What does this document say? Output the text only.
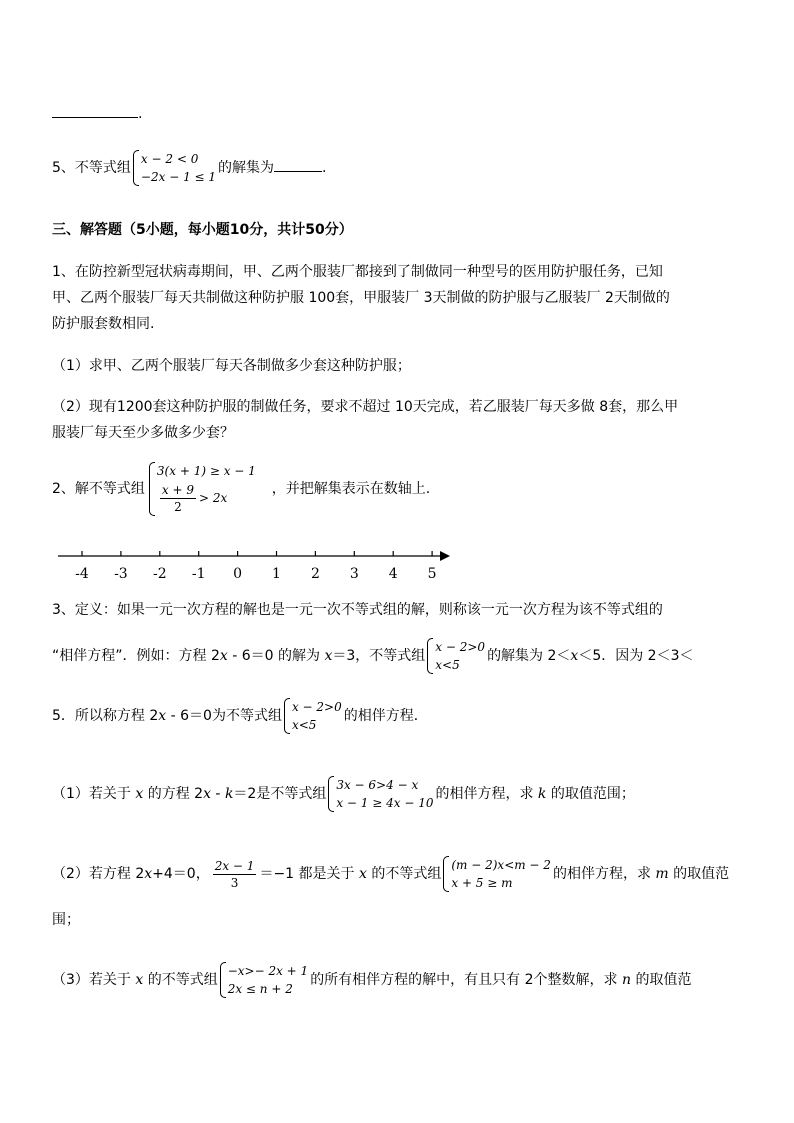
.
5、不等式组
x − 2 < 0
−2x − 1 ≤ 1
的解集为	.
三、解答题（5小题，每小题10分，共计50分）
1、在防控新型冠状病毒期间，甲、乙两个服装厂都接到了制做同一种型号的医用防护服任务，已知
甲、乙两个服装厂每天共制做这种防护服 100套，甲服装厂 3天制做的防护服与乙服装厂 2天制做的
防护服套数相同.
（1）求甲、乙两个服装厂每天各制做多少套这种防护服；
（2）现有1200套这种防护服的制做任务，要求不超过 10天完成，若乙服装厂每天多做 8套，那么甲
服装厂每天至少多做多少套？
2、解不等式组
3(x + 1) ≥ x − 1
$\frac{x + 9}{2} > 2x$
，并把解集表示在数轴上.
-4 -3 -2 -1 0 1 2 3 4 5
3、定义：如果一元一次方程的解也是一元一次不等式组的解，则称该一元一次方程为该不等式组的
“相伴方程”．例如：方程 2x - 6＝0 的解为 x＝3，不等式组
x − 2>0
x<5
的解集为 2＜x＜5．因为 2＜3＜
5．所以称方程 2x - 6＝0为不等式组
x − 2>0
x<5
的相伴方程．
（1）若关于 x 的方程 2x - k＝2是不等式组
3x − 6>4 − x
x − 1 ≥ 4x − 10
的相伴方程，求 k 的取值范围；
（2）若方程 2x+4＝0， $\frac{2x - 1}{3} =-1$ 都是关于 x 的不等式组
(m − 2)x<m − 2
x + 5 ≥ m
的相伴方程，求 m 的取值范
围；
（3）若关于 x 的不等式组
−x>− 2x + 1
2x ≤ n + 2
的所有相伴方程的解中，有且只有 2个整数解，求 n 的取值范
